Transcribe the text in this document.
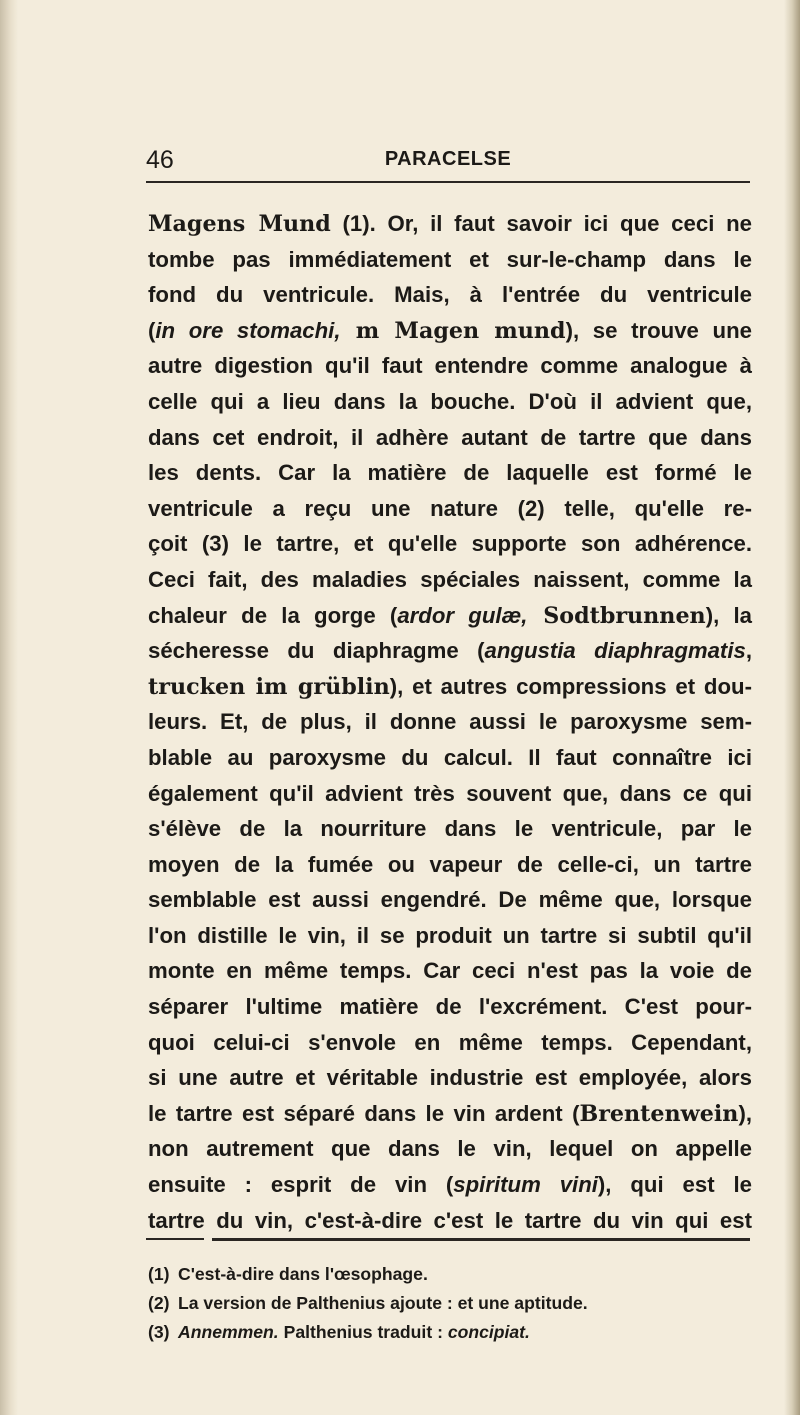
46	PARACELSE
Magens Mund (1). Or, il faut savoir ici que ceci ne
tombe pas immédiatement et sur-le-champ dans le
fond du ventricule. Mais, à l'entrée du ventricule
(in ore stomachi, m Magen mund), se trouve une
autre digestion qu'il faut entendre comme analogue à
celle qui a lieu dans la bouche. D'où il advient que,
dans cet endroit, il adhère autant de tartre que dans
les dents. Car la matière de laquelle est formé le
ventricule a reçu une nature (2) telle, qu'elle re-
çoit (3) le tartre, et qu'elle supporte son adhérence.
Ceci fait, des maladies spéciales naissent, comme la
chaleur de la gorge (ardor gulæ, Sodtbrunnen), la
sécheresse du diaphragme (angustia diaphragmatis,
trucken im grüblin), et autres compressions et dou-
leurs. Et, de plus, il donne aussi le paroxysme sem-
blable au paroxysme du calcul. Il faut connaître ici
également qu'il advient très souvent que, dans ce qui
s'élève de la nourriture dans le ventricule, par le
moyen de la fumée ou vapeur de celle-ci, un tartre
semblable est aussi engendré. De même que, lorsque
l'on distille le vin, il se produit un tartre si subtil qu'il
monte en même temps. Car ceci n'est pas la voie de
séparer l'ultime matière de l'excrément. C'est pour-
quoi celui-ci s'envole en même temps. Cependant,
si une autre et véritable industrie est employée, alors
le tartre est séparé dans le vin ardent (Brentenwein),
non autrement que dans le vin, lequel on appelle
ensuite : esprit de vin (spiritum vini), qui est le
tartre du vin, c'est-à-dire c'est le tartre du vin qui est
(1) C'est-à-dire dans l'œsophage.
(2) La version de Palthenius ajoute : et une aptitude.
(3) Annemmen. Palthenius traduit : concipiat.
